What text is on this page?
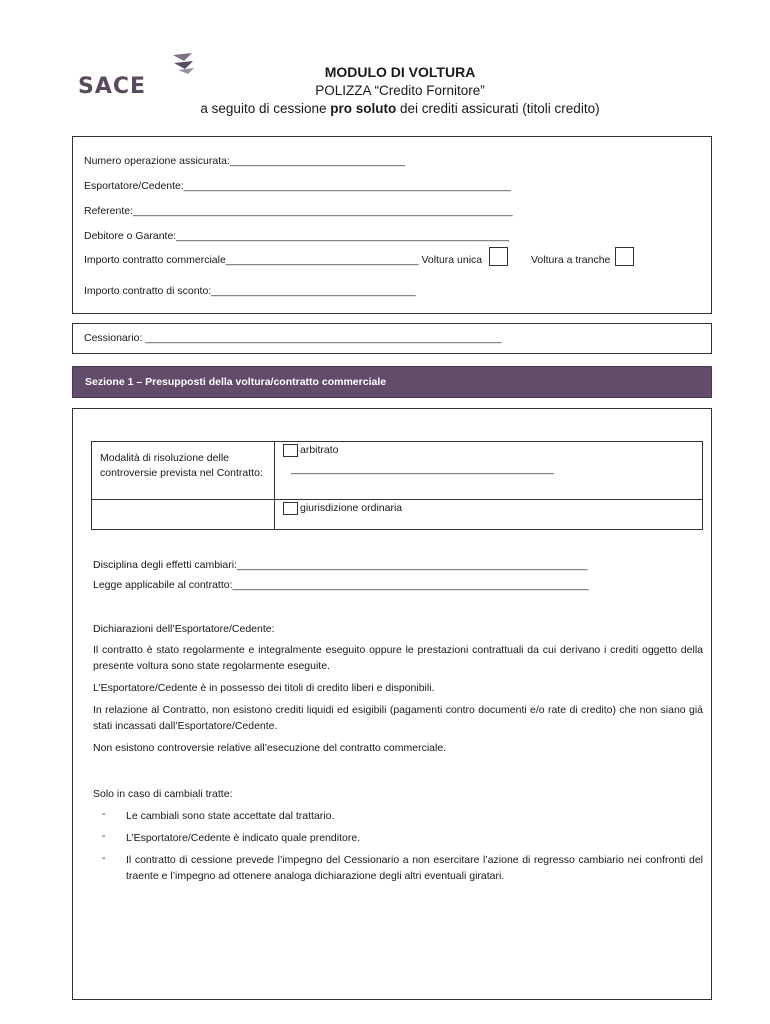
SACE
MODULO DI VOLTURA
POLIZZA “Credito Fornitore”
a seguito di cessione pro soluto dei crediti assicurati (titoli credito)
Numero operazione assicurata:______________________________
Esportatore/Cedente:________________________________________________________
Referente:_________________________________________________________________
Debitore o Garante:_________________________________________________________
Importo contratto commerciale_________________________________ Voltura unica	Voltura a tranche
Importo contratto di sconto:___________________________________
Cessionario: _____________________________________________________________
Sezione 1 – Presupposti della voltura/contratto commerciale
Modalità di risoluzione delle controversie prevista nel Contratto:	arbitrato
_____________________________________________

	giurisdizione ordinaria
Disciplina degli effetti cambiari:____________________________________________________________
Legge applicabile al contratto:_____________________________________________________________
Dichiarazioni dell’Esportatore/Cedente:
Il contratto è stato regolarmente e integralmente eseguito oppure le prestazioni contrattuali da cui derivano i crediti oggetto della presente voltura sono state regolarmente eseguite.
L’Esportatore/Cedente è in possesso dei titoli di credito liberi e disponibili.
In relazione al Contratto, non esistono crediti liquidi ed esigibili (pagamenti contro documenti e/o rate di credito) che non siano già stati incassati dall’Esportatore/Cedente.
Non esistono controversie relative all’esecuzione del contratto commerciale.
Solo in caso di cambiali tratte:
-	Le cambiali sono state accettate dal trattario.
-	L’Esportatore/Cedente è indicato quale prenditore.
-	Il contratto di cessione prevede l’impegno del Cessionario a non esercitare l’azione di regresso cambiario nei confronti del traente e l’impegno ad ottenere analoga dichiarazione degli altri eventuali giratari.
